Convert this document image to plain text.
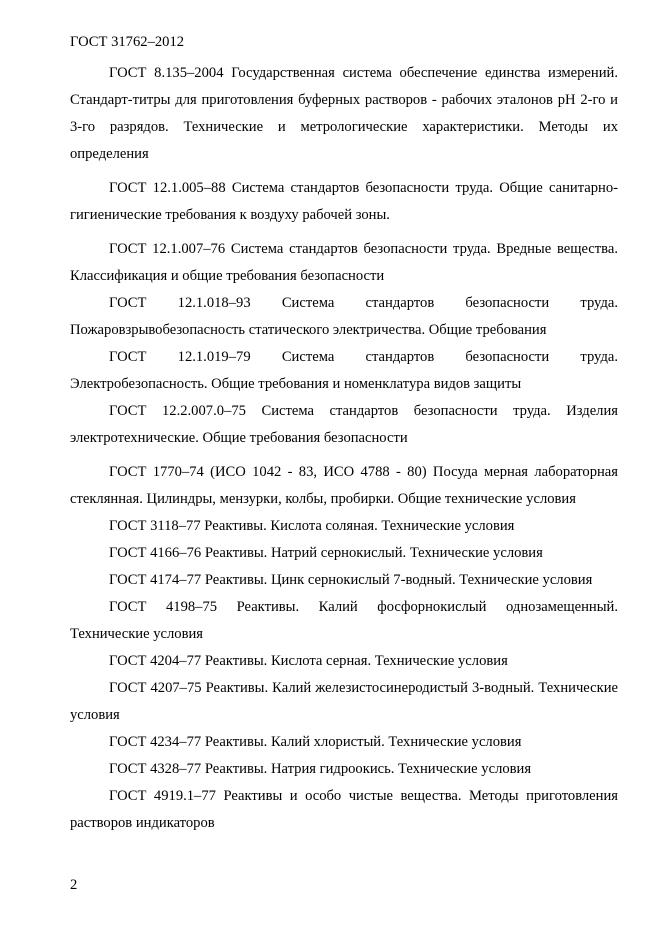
ГОСТ 31762–2012

ГОСТ 8.135–2004 Государственная система обеспечение единства измерений. Стандарт-титры для приготовления буферных растворов - рабочих эталонов pH 2-го и 3-го разрядов. Технические и метрологические характеристики. Методы их определения

ГОСТ 12.1.005–88 Система стандартов безопасности труда. Общие санитарно-гигиенические требования к воздуху рабочей зоны.

ГОСТ 12.1.007–76 Система стандартов безопасности труда. Вредные вещества. Классификация и общие требования безопасности

ГОСТ 12.1.018–93 Система стандартов безопасности труда. Пожаровзрывобезопасность статического электричества. Общие требования

ГОСТ 12.1.019–79 Система стандартов безопасности труда. Электробезопасность. Общие требования и номенклатура видов защиты

ГОСТ 12.2.007.0–75 Система стандартов безопасности труда. Изделия электротехнические. Общие требования безопасности

ГОСТ 1770–74 (ИСО 1042 - 83, ИСО 4788 - 80) Посуда мерная лабораторная стеклянная. Цилиндры, мензурки, колбы, пробирки. Общие технические условия

ГОСТ 3118–77 Реактивы. Кислота соляная. Технические условия

ГОСТ 4166–76 Реактивы. Натрий сернокислый. Технические условия

ГОСТ 4174–77 Реактивы. Цинк сернокислый 7-водный. Технические условия

ГОСТ 4198–75 Реактивы. Калий фосфорнокислый однозамещенный. Технические условия

ГОСТ 4204–77 Реактивы. Кислота серная. Технические условия

ГОСТ 4207–75 Реактивы. Калий железистосинеродистый 3-водный. Технические условия

ГОСТ 4234–77 Реактивы. Калий хлористый. Технические условия

ГОСТ 4328–77 Реактивы. Натрия гидроокись. Технические условия

ГОСТ 4919.1–77 Реактивы и особо чистые вещества. Методы приготовления растворов индикаторов

2
